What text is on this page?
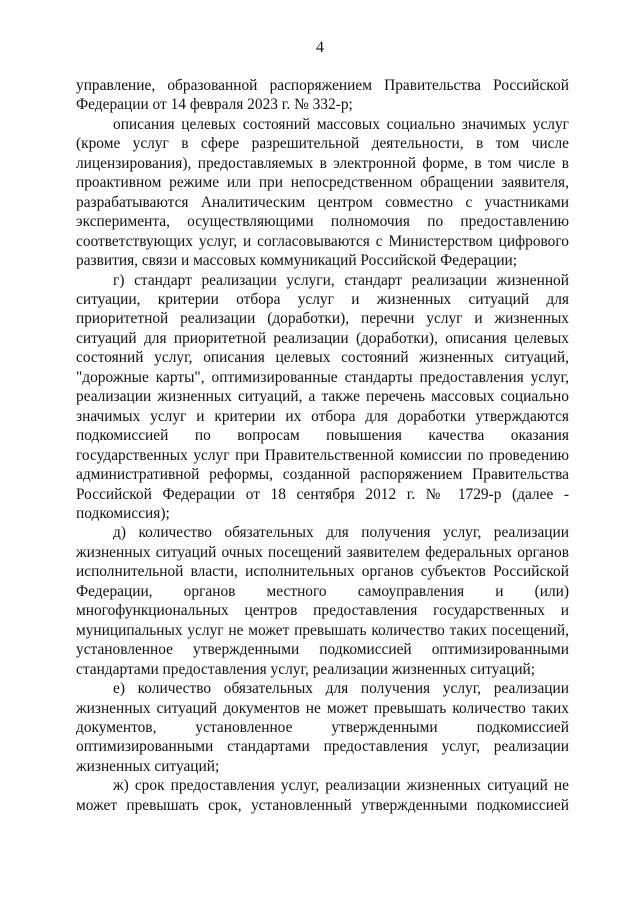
4

управление, образованной распоряжением Правительства Российской Федерации от 14 февраля 2023 г. № 332-р;

описания целевых состояний массовых социально значимых услуг (кроме услуг в сфере разрешительной деятельности, в том числе лицензирования), предоставляемых в электронной форме, в том числе в проактивном режиме или при непосредственном обращении заявителя, разрабатываются Аналитическим центром совместно с участниками эксперимента, осуществляющими полномочия по предоставлению соответствующих услуг, и согласовываются с Министерством цифрового развития, связи и массовых коммуникаций Российской Федерации;

г) стандарт реализации услуги, стандарт реализации жизненной ситуации, критерии отбора услуг и жизненных ситуаций для приоритетной реализации (доработки), перечни услуг и жизненных ситуаций для приоритетной реализации (доработки), описания целевых состояний услуг, описания целевых состояний жизненных ситуаций, "дорожные карты", оптимизированные стандарты предоставления услуг, реализации жизненных ситуаций, а также перечень массовых социально значимых услуг и критерии их отбора для доработки утверждаются подкомиссией по вопросам повышения качества оказания государственных услуг при Правительственной комиссии по проведению административной реформы, созданной распоряжением Правительства Российской Федерации от 18 сентября 2012 г. № 1729-р (далее - подкомиссия);

д) количество обязательных для получения услуг, реализации жизненных ситуаций очных посещений заявителем федеральных органов исполнительной власти, исполнительных органов субъектов Российской Федерации, органов местного самоуправления и (или) многофункциональных центров предоставления государственных и муниципальных услуг не может превышать количество таких посещений, установленное утвержденными подкомиссией оптимизированными стандартами предоставления услуг, реализации жизненных ситуаций;

е) количество обязательных для получения услуг, реализации жизненных ситуаций документов не может превышать количество таких документов, установленное утвержденными подкомиссией оптимизированными стандартами предоставления услуг, реализации жизненных ситуаций;

ж) срок предоставления услуг, реализации жизненных ситуаций не может превышать срок, установленный утвержденными подкомиссией
